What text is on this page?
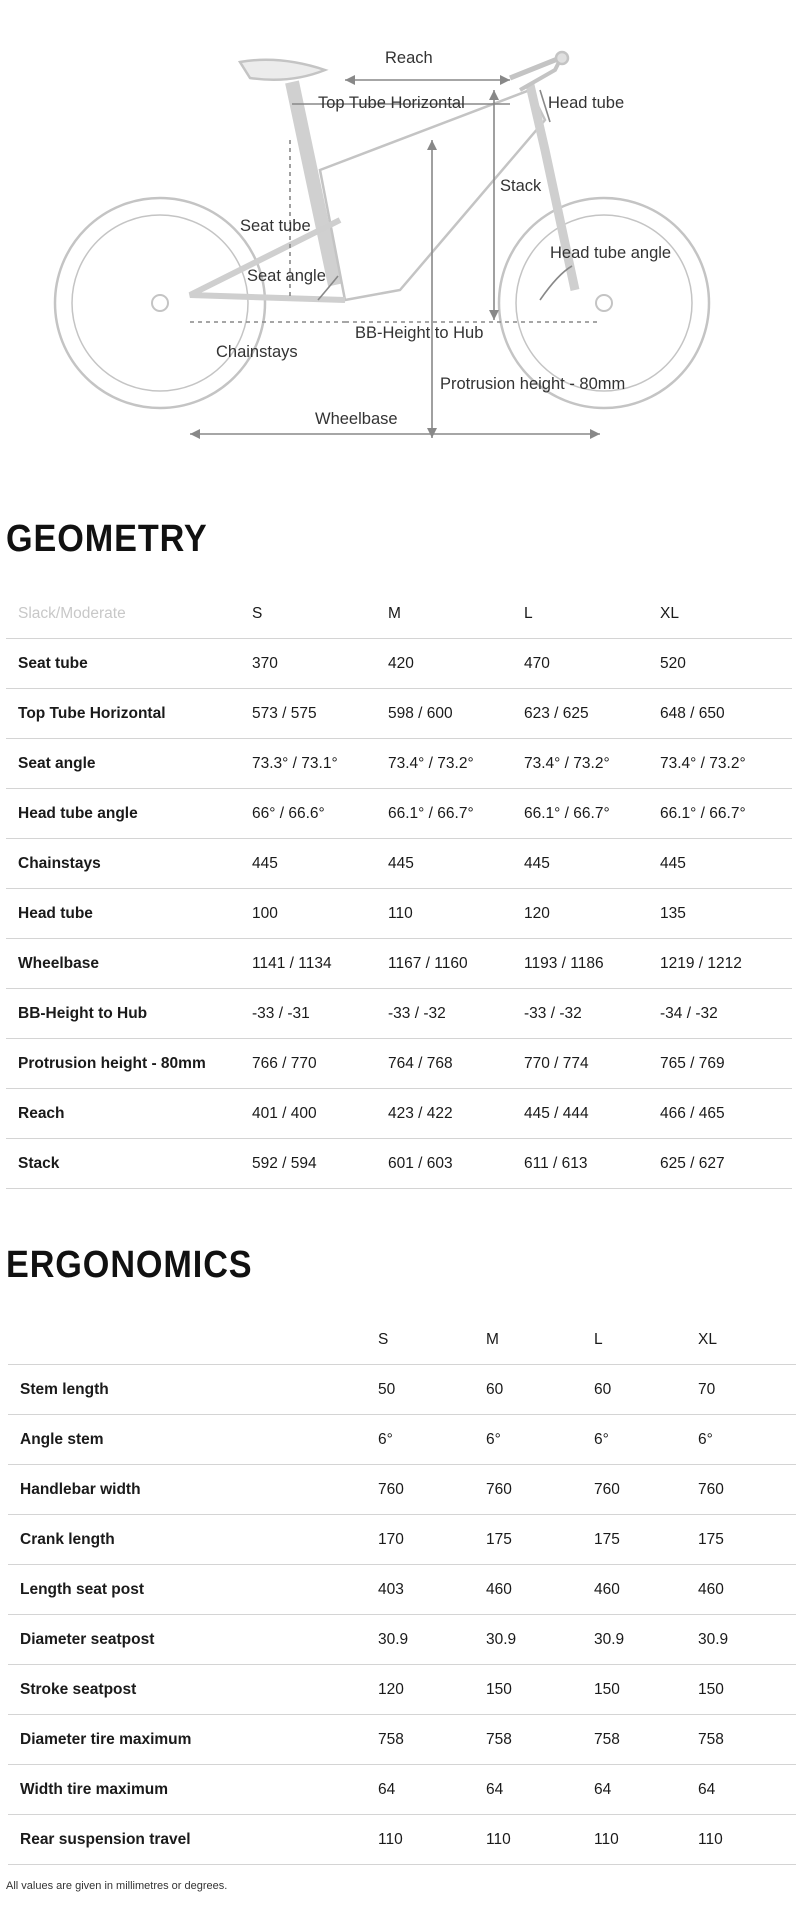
Reach
Top Tube Horizontal	Head tube
Stack
Seat tube
Head tube angle
Seat angle
BB-Height to Hub
Chainstays
Protrusion height - 80mm
Wheelbase
GEOMETRY
Slack/Moderate	S	M	L	XL
Seat tube	370	420	470	520
Top Tube Horizontal	573 / 575	598 / 600	623 / 625	648 / 650
Seat angle	73.3° / 73.1°	73.4° / 73.2°	73.4° / 73.2°	73.4° / 73.2°
Head tube angle	66° / 66.6°	66.1° / 66.7°	66.1° / 66.7°	66.1° / 66.7°
Chainstays	445	445	445	445
Head tube	100	110	120	135
Wheelbase	1141 / 1134	1167 / 1160	1193 / 1186	1219 / 1212
BB-Height to Hub	-33 / -31	-33 / -32	-33 / -32	-34 / -32
Protrusion height - 80mm	766 / 770	764 / 768	770 / 774	765 / 769
Reach	401 / 400	423 / 422	445 / 444	466 / 465
Stack	592 / 594	601 / 603	611 / 613	625 / 627
ERGONOMICS
	S	M	L	XL
Stem length	50	60	60	70
Angle stem	6°	6°	6°	6°
Handlebar width	760	760	760	760
Crank length	170	175	175	175
Length seat post	403	460	460	460
Diameter seatpost	30.9	30.9	30.9	30.9
Stroke seatpost	120	150	150	150
Diameter tire maximum	758	758	758	758
Width tire maximum	64	64	64	64
Rear suspension travel	110	110	110	110
All values are given in millimetres or degrees.
